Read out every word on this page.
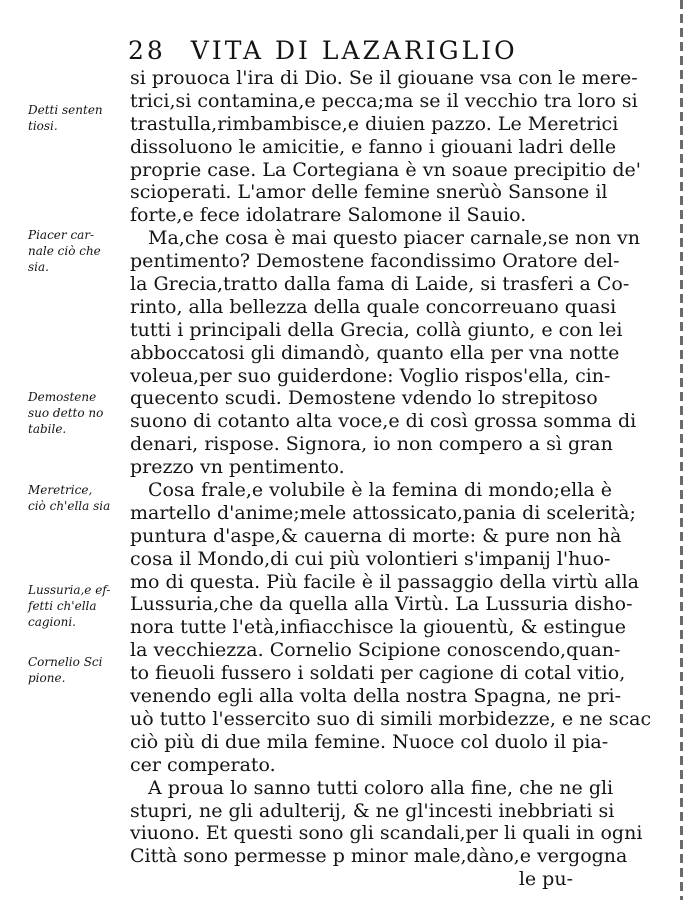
28 VITA DI LAZARIGLIO
Detti senten
tiosi.
Piacer car-
nale ciò che
sia.
Demostene
suo detto no
tabile.
Meretrice,
ciò ch'ella sia
Lussuria,e ef-
fetti ch'ella
cagioni.
Cornelio Sci
pione.
si prouoca l'ira di Dio. Se il giouane vsa con le mere-
trici,si contamina,e pecca;ma se il vecchio tra loro si
trastulla,rimbambisce,e diuien pazzo. Le Meretrici
dissoluono le amicitie, e fanno i giouani ladri delle
proprie case. La Cortegiana è vn soaue precipitio de'
scioperati. L'amor delle femine snerùò Sansone il
forte,e fece idolatrare Salomone il Sauio.
Ma,che cosa è mai questo piacer carnale,se non vn
pentimento? Demostene facondissimo Oratore del-
la Grecia,tratto dalla fama di Laide, si trasferi a Co-
rinto, alla bellezza della quale concorreuano quasi
tutti i principali della Grecia, collà giunto, e con lei
abboccatosi gli dimandò, quanto ella per vna notte
voleua,per suo guiderdone: Voglio rispos'ella, cin-
quecento scudi. Demostene vdendo lo strepitoso
suono di cotanto alta voce,e di così grossa somma di
denari, rispose. Signora, io non compero a sì gran
prezzo vn pentimento.
Cosa frale,e volubile è la femina di mondo;ella è
martello d'anime;mele attossicato,pania di scelerità;
puntura d'aspe,& cauerna di morte: & pure non hà
cosa il Mondo,di cui più volontieri s'impanij l'huo-
mo di questa. Più facile è il passaggio della virtù alla
Lussuria,che da quella alla Virtù. La Lussuria disho-
nora tutte l'età,infiacchisce la giouentù, & estingue
la vecchiezza. Cornelio Scipione conoscendo,quan-
to fieuoli fussero i soldati per cagione di cotal vitio,
venendo egli alla volta della nostra Spagna, ne pri-
uò tutto l'essercito suo di simili morbidezze, e ne scac
ciò più di due mila femine. Nuoce col duolo il pia-
cer comperato.
A proua lo sanno tutti coloro alla fine, che ne gli
stupri, ne gli adulterij, & ne gl'incesti inebbriati si
viuono. Et questi sono gli scandali,per li quali in ogni
Città sono permesse p minor male,dàno,e vergogna
le pu-
